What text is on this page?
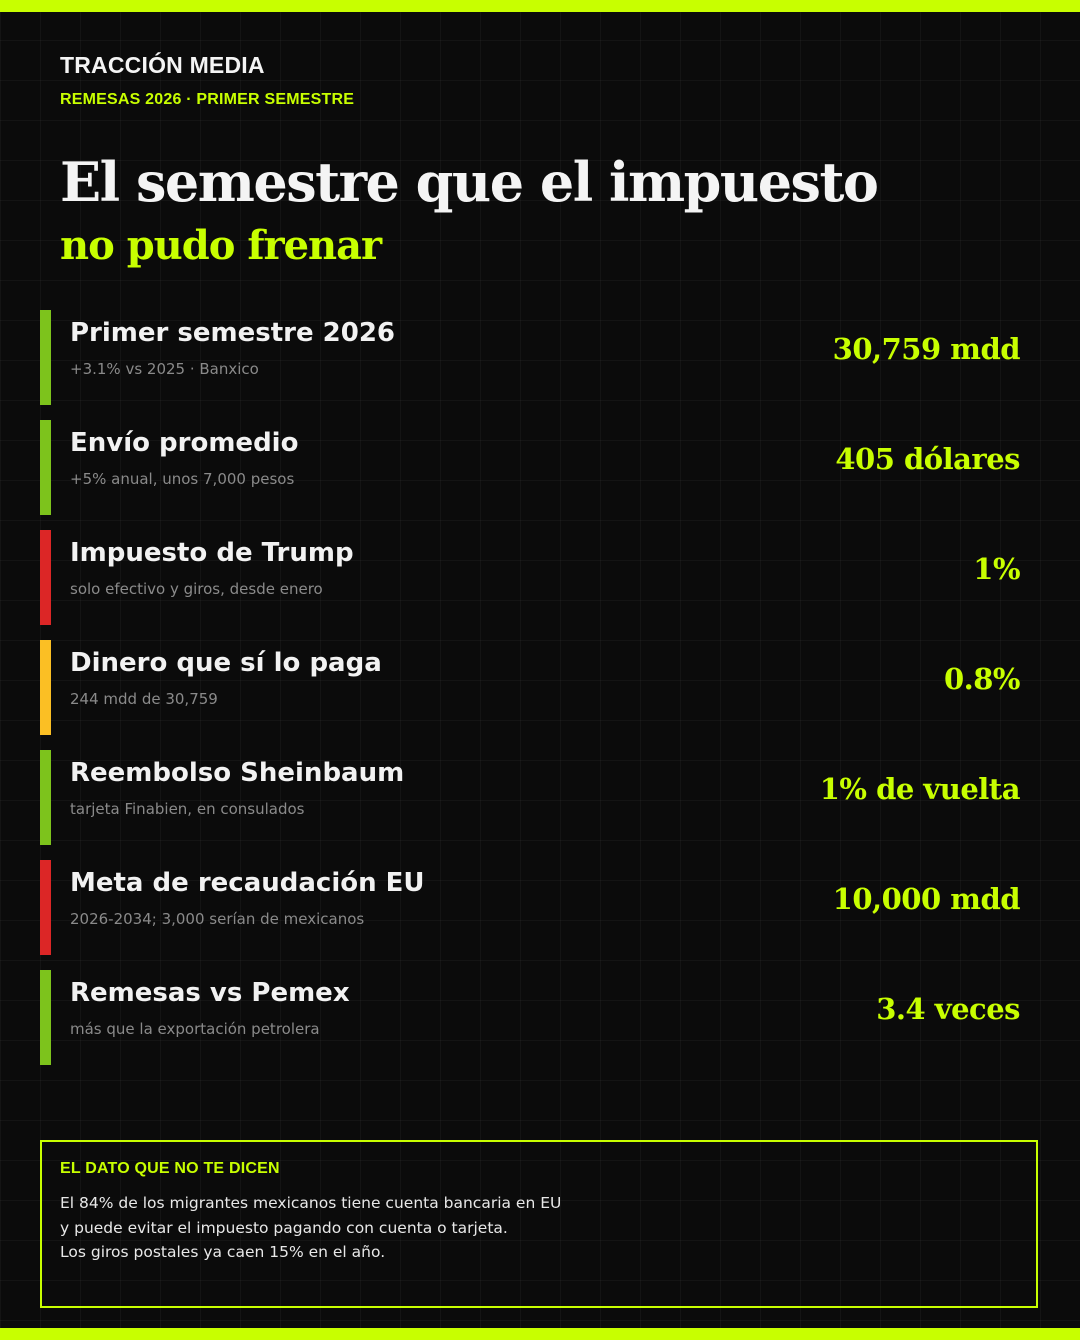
TRACCIÓN MEDIA
REMESAS 2026 · PRIMER SEMESTRE
El semestre que el impuesto
no pudo frenar
Primer semestre 2026
+3.1% vs 2025 · Banxico
30,759 mdd
Envío promedio
+5% anual, unos 7,000 pesos
405 dólares
Impuesto de Trump
solo efectivo y giros, desde enero
1%
Dinero que sí lo paga
244 mdd de 30,759
0.8%
Reembolso Sheinbaum
tarjeta Finabien, en consulados
1% de vuelta
Meta de recaudación EU
2026-2034; 3,000 serían de mexicanos
10,000 mdd
Remesas vs Pemex
más que la exportación petrolera
3.4 veces
EL DATO QUE NO TE DICEN
El 84% de los migrantes mexicanos tiene cuenta bancaria en EU
y puede evitar el impuesto pagando con cuenta o tarjeta.
Los giros postales ya caen 15% en el año.
